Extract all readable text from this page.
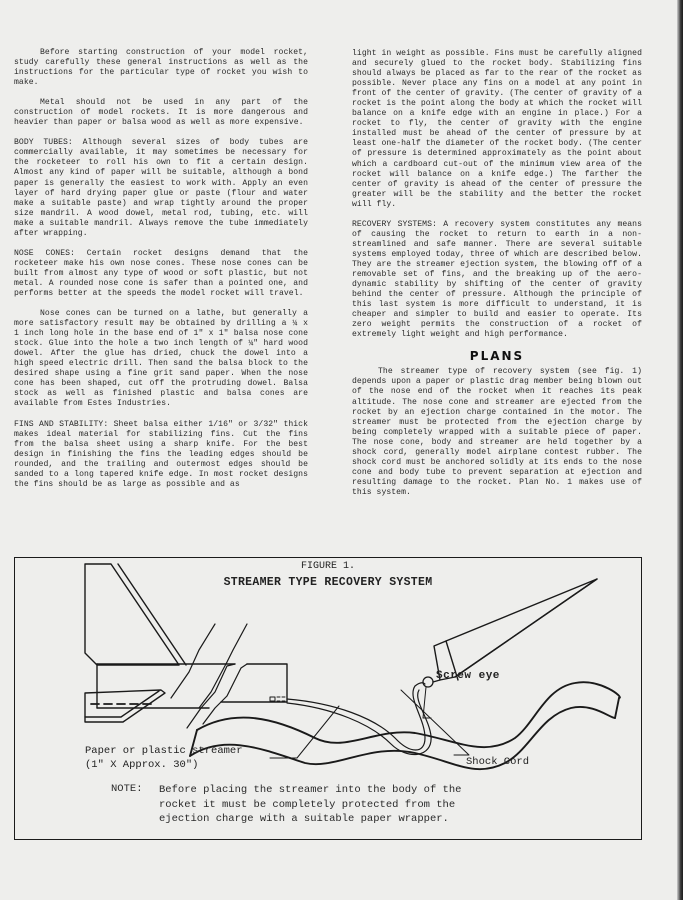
Before starting construction of your model rocket, study carefully these general instructions as well as the instructions for the particular type of rocket you wish to make.

Metal should not be used in any part of the construction of model rockets. It is more dangerous and heavier than paper or balsa wood as well as more expensive.

BODY TUBES: Although several sizes of body tubes are commercially available, it may sometimes be necessary for the rocketeer to roll his own to fit a certain design. Almost any kind of paper will be suitable, although a bond paper is generally the easiest to work with. Apply an even layer of hard drying paper glue or paste (flour and water make a suitable paste) and wrap tightly around the proper size mandril. A wood dowel, metal rod, tubing, etc. will make a suitable mandril. Always remove the tube immediately after wrapping.

NOSE CONES: Certain rocket designs demand that the rocketeer make his own nose cones. These nose cones can be built from almost any type of wood or soft plastic, but not metal. A rounded nose cone is safer than a pointed one, and performs better at the speeds the model rocket will travel.

Nose cones can be turned on a lathe, but generally a more satisfactory result may be obtained by drilling a ¼ x 1 inch long hole in the base end of 1" x 1" balsa nose cone stock. Glue into the hole a two inch length of ¼" hard wood dowel. After the glue has dried, chuck the dowel into a high speed electric drill. Then sand the balsa block to the desired shape using a fine grit sand paper. When the nose cone has been shaped, cut off the protruding dowel. Balsa stock as well as finished plastic and balsa cones are available from Estes Industries.

FINS AND STABILITY: Sheet balsa either 1/16" or 3/32" thick makes ideal material for stabilizing fins. Cut the fins from the balsa sheet using a sharp knife. For the best design in finishing the fins the leading edges should be rounded, and the trailing and outermost edges should be sanded to a long tapered knife edge. In most rocket designs the fins should be as large as possible and as

light in weight as possible. Fins must be carefully aligned and securely glued to the rocket body. Stabilizing fins should always be placed as far to the rear of the rocket as possible. Never place any fins on a model at any point in front of the center of gravity. (The center of gravity of a rocket is the point along the body at which the rocket will balance on a knife edge with an engine in place.) For a rocket to fly, the center of gravity with the engine installed must be ahead of the center of pressure by at least one-half the diameter of the rocket body. (The center of pressure is determined approximately as the point about which a cardboard cut-out of the minimum view area of the rocket will balance on a knife edge.) The farther the center of gravity is ahead of the center of pressure the greater will be the stability and the better the rocket will fly.

RECOVERY SYSTEMS: A recovery system constitutes any means of causing the rocket to return to earth in a non-streamlined and safe manner. There are several suitable systems employed today, three of which are described below. They are the streamer ejection system, the blowing off of a removable set of fins, and the breaking up of the aero-dynamic stability by shifting of the center of gravity behind the center of pressure. Although the principle of this last system is more difficult to understand, it is cheaper and simpler to build and easier to operate. Its zero weight permits the construction of a rocket of extremely light weight and high performance.

PLANS

The streamer type of recovery system (see fig. 1) depends upon a paper or plastic drag member being blown out of the nose end of the rocket when it reaches its peak altitude. The nose cone and streamer are ejected from the rocket by an ejection charge contained in the motor. The streamer must be protected from the ejection charge by being completely wrapped with a suitable piece of paper. The nose cone, body and streamer are held together by a shock cord, generally model airplane contest rubber. The shock cord must be anchored solidly at its ends to the nose cone and body tube to prevent separation at ejection and resulting damage to the rocket. Plan No. 1 makes use of this system.

FIGURE 1.
STREAMER TYPE RECOVERY SYSTEM
Screw eye
Paper or plastic streamer
(1" X Approx. 30")	Shock Cord
NOTE: Before placing the streamer into the body of the
rocket it must be completely protected from the
ejection charge with a suitable paper wrapper.
